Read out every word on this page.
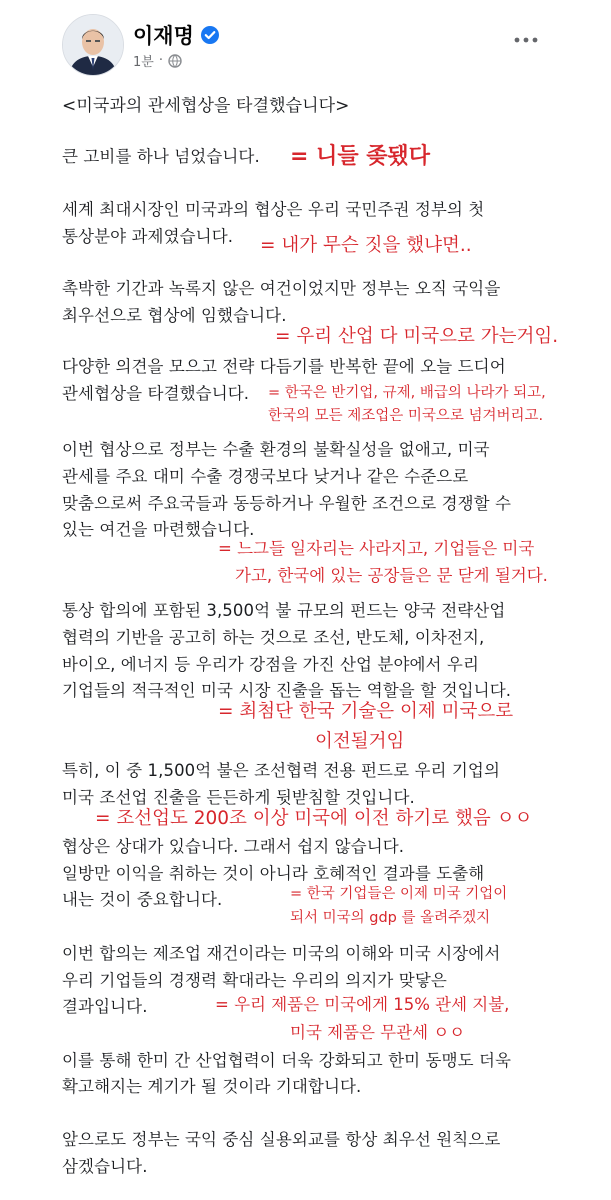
이재명
1분 ·
<미국과의 관세협상을 타결했습니다>
큰 고비를 하나 넘었습니다. = 니들 좆됐다
세계 최대시장인 미국과의 협상은 우리 국민주권 정부의 첫
통상분야 과제였습니다. = 내가 무슨 짓을 했냐면..
촉박한 기간과 녹록지 않은 여건이었지만 정부는 오직 국익을
최우선으로 협상에 임했습니다.
= 우리 산업 다 미국으로 가는거임.
다양한 의견을 모으고 전략 다듬기를 반복한 끝에 오늘 드디어
관세협상을 타결했습니다. = 한국은 반기업, 규제, 배급의 나라가 되고,
한국의 모든 제조업은 미국으로 넘겨버리고.
이번 협상으로 정부는 수출 환경의 불확실성을 없애고, 미국
관세를 주요 대미 수출 경쟁국보다 낮거나 같은 수준으로
맞춤으로써 주요국들과 동등하거나 우월한 조건으로 경쟁할 수
있는 여건을 마련했습니다.
= 느그들 일자리는 사라지고, 기업들은 미국
가고, 한국에 있는 공장들은 문 닫게 될거다.
통상 합의에 포함된 3,500억 불 규모의 펀드는 양국 전략산업
협력의 기반을 공고히 하는 것으로 조선, 반도체, 이차전지,
바이오, 에너지 등 우리가 강점을 가진 산업 분야에서 우리
기업들의 적극적인 미국 시장 진출을 돕는 역할을 할 것입니다.
= 최첨단 한국 기술은 이제 미국으로
이전될거임
특히, 이 중 1,500억 불은 조선협력 전용 펀드로 우리 기업의
미국 조선업 진출을 든든하게 뒷받침할 것입니다.
= 조선업도 200조 이상 미국에 이전 하기로 했음 ㅇㅇ
협상은 상대가 있습니다. 그래서 쉽지 않습니다.
일방만 이익을 취하는 것이 아니라 호혜적인 결과를 도출해
내는 것이 중요합니다.	= 한국 기업들은 이제 미국 기업이
되서 미국의 gdp 를 올려주겠지
이번 합의는 제조업 재건이라는 미국의 이해와 미국 시장에서
우리 기업들의 경쟁력 확대라는 우리의 의지가 맞닿은
결과입니다.	= 우리 제품은 미국에게 15% 관세 지불,
미국 제품은 무관세 ㅇㅇ
이를 통해 한미 간 산업협력이 더욱 강화되고 한미 동맹도 더욱
확고해지는 계기가 될 것이라 기대합니다.
앞으로도 정부는 국익 중심 실용외교를 항상 최우선 원칙으로
삼겠습니다.
